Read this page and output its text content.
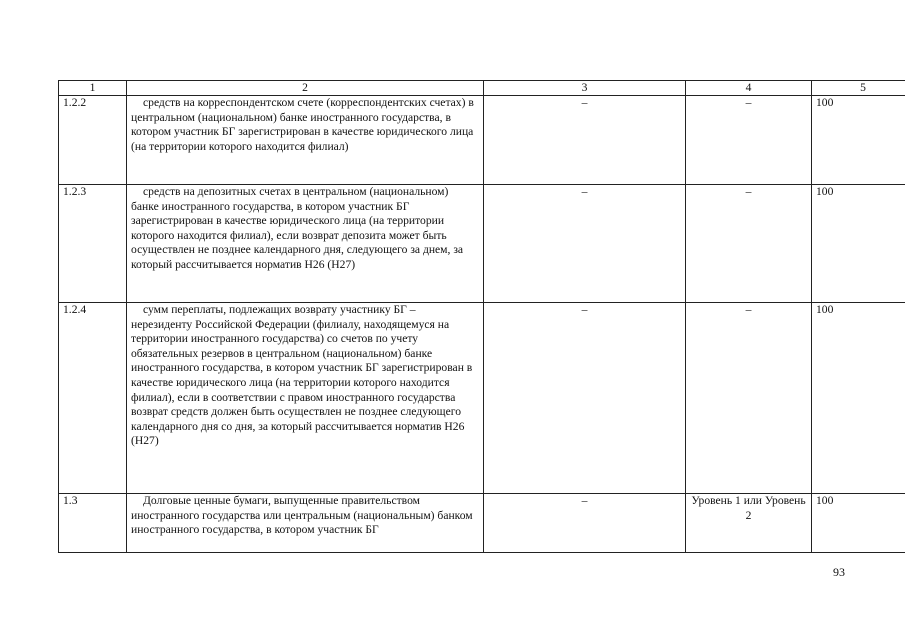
1	2	3	4	5
1.2.2	средств на корреспондентском счете (корреспондентских счетах) в центральном (национальном) банке иностранного государства, в котором участник БГ зарегистрирован в качестве юридического лица (на территории которого находится филиал)	–	–	100
1.2.3	средств на депозитных счетах в центральном (национальном) банке иностранного государства, в котором участник БГ зарегистрирован в качестве юридического лица (на территории которого находится филиал), если возврат депозита может быть осуществлен не позднее календарного дня, следующего за днем, за который рассчитывается норматив Н26 (Н27)	–	–	100
1.2.4	сумм переплаты, подлежащих возврату участнику БГ – нерезиденту Российской Федерации (филиалу, находящемуся на территории иностранного государства) со счетов по учету обязательных резервов в центральном (национальном) банке иностранного государства, в котором участник БГ зарегистрирован в качестве юридического лица (на территории которого находится филиал), если в соответствии с правом иностранного государства возврат средств должен быть осуществлен не позднее следующего календарного дня со дня, за который рассчитывается норматив Н26 (Н27)	–	–	100
1.3	Долговые ценные бумаги, выпущенные правительством иностранного государства или центральным (национальным) банком иностранного государства, в котором участник БГ	–	Уровень 1 или Уровень 2	100
93
